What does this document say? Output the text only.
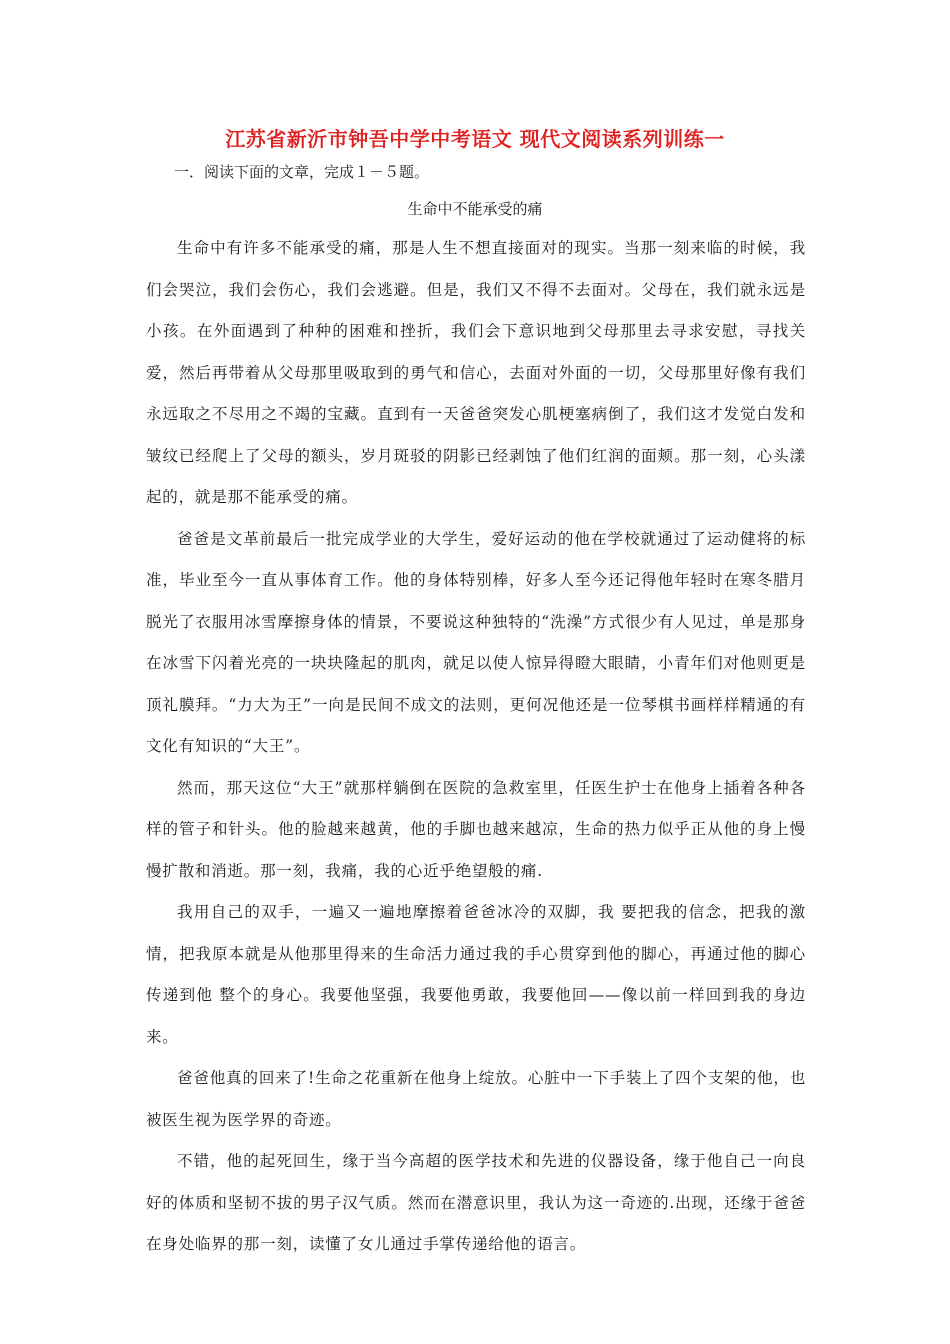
江苏省新沂市钟吾中学中考语文 现代文阅读系列训练一
一．阅读下面的文章，完成１－５题。
生命中不能承受的痛

生命中有许多不能承受的痛，那是人生不想直接面对的现实。当那一刻来临的时候，我们会哭泣，我们会伤心，我们会逃避。但是，我们又不得不去面对。父母在，我们就永远是小孩。在外面遇到了种种的困难和挫折，我们会下意识地到父母那里去寻求安慰，寻找关爱，然后再带着从父母那里吸取到的勇气和信心，去面对外面的一切，父母那里好像有我们永远取之不尽用之不竭的宝藏。直到有一天爸爸突发心肌梗塞病倒了，我们这才发觉白发和皱纹已经爬上了父母的额头，岁月斑驳的阴影已经剥蚀了他们红润的面颊。那一刻，心头漾起的，就是那不能承受的痛。

爸爸是文革前最后一批完成学业的大学生，爱好运动的他在学校就通过了运动健将的标准，毕业至今一直从事体育工作。他的身体特别棒，好多人至今还记得他年轻时在寒冬腊月脱光了衣服用冰雪摩擦身体的情景，不要说这种独特的“洗澡”方式很少有人见过，单是那身在冰雪下闪着光亮的一块块隆起的肌肉，就足以使人惊异得瞪大眼睛，小青年们对他则更是顶礼膜拜。“力大为王”一向是民间不成文的法则，更何况他还是一位琴棋书画样样精通的有文化有知识的“大王”。

然而，那天这位“大王”就那样躺倒在医院的急救室里，任医生护士在他身上插着各种各样的管子和针头。他的脸越来越黄，他的手脚也越来越凉，生命的热力似乎正从他的身上慢慢扩散和消逝。那一刻，我痛，我的心近乎绝望般的痛.

我用自己的双手，一遍又一遍地摩擦着爸爸冰冷的双脚，我 要把我的信念，把我的激情，把我原本就是从他那里得来的生命活力通过我的手心贯穿到他的脚心，再通过他的脚心传递到他 整个的身心。我要他坚强，我要他勇敢，我要他回——像以前一样回到我的身边来。

爸爸他真的回来了!生命之花重新在他身上绽放。心脏中一下手装上了四个支架的他，也被医生视为医学界的奇迹。

不错，他的起死回生，缘于当今高超的医学技术和先进的仪器设备，缘于他自己一向良好的体质和坚韧不拔的男子汉气质。然而在潜意识里，我认为这一奇迹的.出现，还缘于爸爸在身处临界的那一刻，读懂了女儿通过手掌传递给他的语言。
